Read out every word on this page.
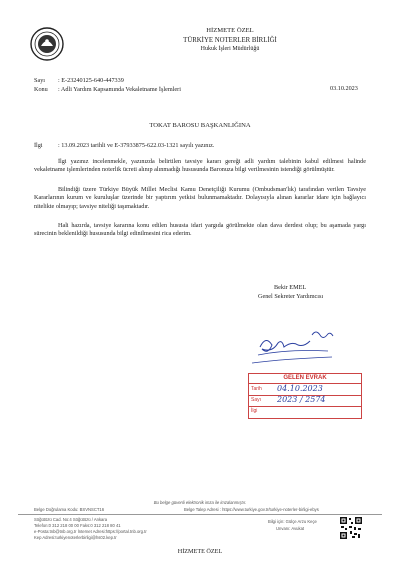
HİZMETE ÖZEL
TÜRKİYE NOTERLER BİRLİĞİ
Hukuk İşleri Müdürlüğü
Sayı : E-23240125-640-447339
Konu : Adli Yardım Kapsamında Vekaletname İşlemleri	03.10.2023
TOKAT BAROSU BAŞKANLIĞINA
İlgi : 13.09.2023 tarihli ve E-37933875-622.03-1321 sayılı yazınız.
İlgi yazınız incelenmekle, yazınızda belirtilen tavsiye kararı gereği adli yardım talebinin kabul edilmesi halinde vekaletname işlemlerinden noterlik ücreti alınıp alınmadığı hususunda Baronuza bilgi verilmesinin istendiği görülmüştür.
Bilindiği üzere Türkiye Büyük Millet Meclisi Kamu Denetçiliği Kurumu (Ombudsman'lık) tarafından verilen Tavsiye Kararlarının kurum ve kuruluşlar üzerinde bir yaptırım yetkisi bulunmamaktadır. Dolayısıyla alınan kararlar idare için bağlayıcı nitelikte olmayıp; tavsiye niteliği taşımaktadır.
Hali hazırda, tavsiye kararına konu edilen hususta idari yargıda görülmekte olan dava derdest olup; bu aşamada yargı sürecinin beklenildiği hususunda bilgi edinilmesini rica ederim.
Bekir EMEL
Genel Sekreter Yardımcısı
GELEN EVRAK
Tarih 04.10.2023
Sayı 2023 / 2574
İlgi
Bu belge güvenli elektronik imza ile imzalanmıştır.
Belge Doğrulama Kodu: BSVNSCT16	Belge Talep Adresi : https://www.turkiye.gov.tr/turkiye-noterler-birligi-ebys
Söğütözü Cad. No:4 Söğütözü / Ankara
Telefon:0 312 218 00 00 Faks:0 312 218 80 41
e-Posta:tnb@tnb.org.tr İnternet Adresi:https://portal.tnb.org.tr
Kep Adresi:turkiyenoterlerbirligi@hs02.kep.tr
Bilgi için: Gülçe Arzu Keçe
Unvanı: Avukat
HİZMETE ÖZEL
